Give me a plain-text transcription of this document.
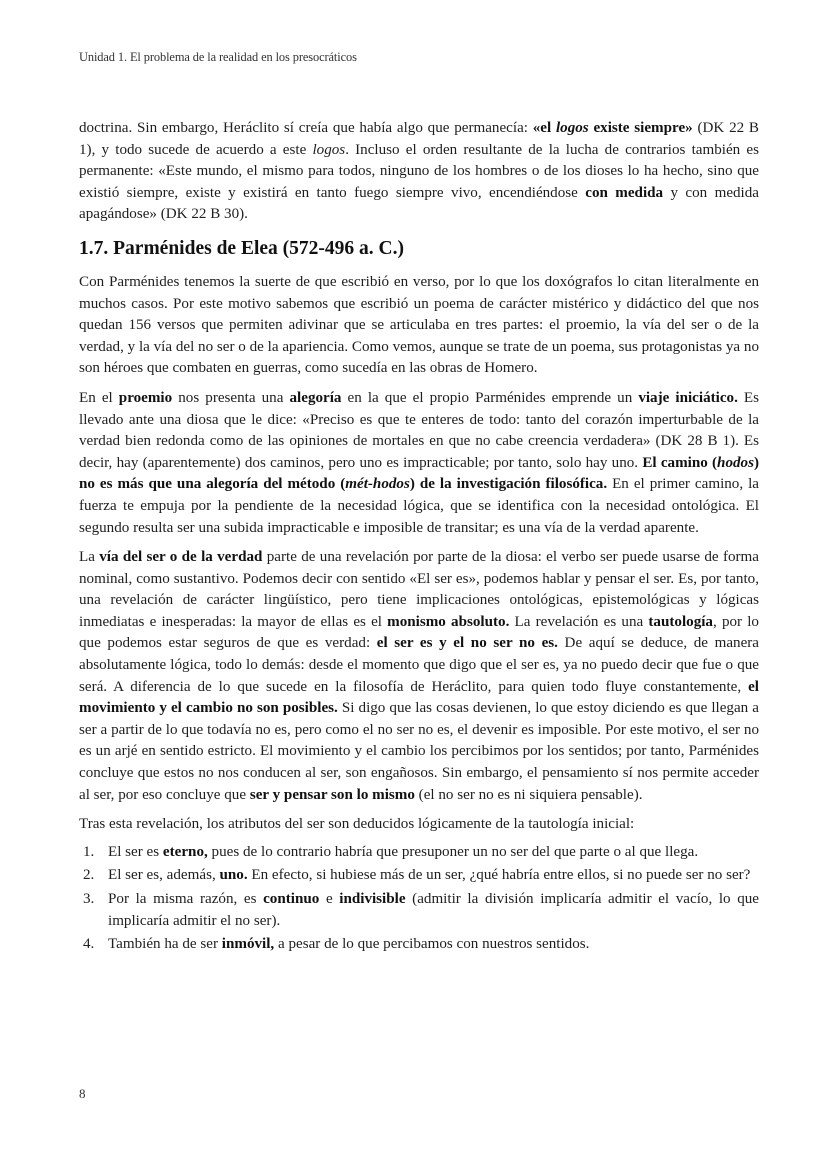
Unidad 1. El problema de la realidad en los presocráticos

doctrina. Sin embargo, Heráclito sí creía que había algo que permanecía: «el logos existe siempre» (DK 22 B 1), y todo sucede de acuerdo a este logos. Incluso el orden resultante de la lucha de contrarios también es permanente: «Este mundo, el mismo para todos, ninguno de los hombres o de los dioses lo ha hecho, sino que existió siempre, existe y existirá en tanto fuego siempre vivo, encendiéndose con medida y con medida apagándose» (DK 22 B 30).

1.7. Parménides de Elea (572-496 a. C.)

Con Parménides tenemos la suerte de que escribió en verso, por lo que los doxógrafos lo citan literalmente en muchos casos. Por este motivo sabemos que escribió un poema de carácter mistérico y didáctico del que nos quedan 156 versos que permiten adivinar que se articulaba en tres partes: el proemio, la vía del ser o de la verdad, y la vía del no ser o de la apariencia. Como vemos, aunque se trate de un poema, sus protagonistas ya no son héroes que combaten en guerras, como sucedía en las obras de Homero.

En el proemio nos presenta una alegoría en la que el propio Parménides emprende un viaje iniciático. Es llevado ante una diosa que le dice: «Preciso es que te enteres de todo: tanto del corazón imperturbable de la verdad bien redonda como de las opiniones de mortales en que no cabe creencia verdadera» (DK 28 B 1). Es decir, hay (aparentemente) dos caminos, pero uno es impracticable; por tanto, solo hay uno. El camino (hodos) no es más que una alegoría del método (mét-hodos) de la investigación filosófica. En el primer camino, la fuerza te empuja por la pendiente de la necesidad lógica, que se identifica con la necesidad ontológica. El segundo resulta ser una subida impracticable e imposible de transitar; es una vía de la verdad aparente.

La vía del ser o de la verdad parte de una revelación por parte de la diosa: el verbo ser puede usarse de forma nominal, como sustantivo. Podemos decir con sentido «El ser es», podemos hablar y pensar el ser. Es, por tanto, una revelación de carácter lingüístico, pero tiene implicaciones ontológicas, epistemológicas y lógicas inmediatas e inesperadas: la mayor de ellas es el monismo absoluto. La revelación es una tautología, por lo que podemos estar seguros de que es verdad: el ser es y el no ser no es. De aquí se deduce, de manera absolutamente lógica, todo lo demás: desde el momento que digo que el ser es, ya no puedo decir que fue o que será. A diferencia de lo que sucede en la filosofía de Heráclito, para quien todo fluye constantemente, el movimiento y el cambio no son posibles. Si digo que las cosas devienen, lo que estoy diciendo es que llegan a ser a partir de lo que todavía no es, pero como el no ser no es, el devenir es imposible. Por este motivo, el ser no es un arjé en sentido estricto. El movimiento y el cambio los percibimos por los sentidos; por tanto, Parménides concluye que estos no nos conducen al ser, son engañosos. Sin embargo, el pensamiento sí nos permite acceder al ser, por eso concluye que ser y pensar son lo mismo (el no ser no es ni siquiera pensable).

Tras esta revelación, los atributos del ser son deducidos lógicamente de la tautología inicial:

1. El ser es eterno, pues de lo contrario habría que presuponer un no ser del que parte o al que llega.
2. El ser es, además, uno. En efecto, si hubiese más de un ser, ¿qué habría entre ellos, si no puede ser no ser?
3. Por la misma razón, es continuo e indivisible (admitir la división implicaría admitir el vacío, lo que implicaría admitir el no ser).
4. También ha de ser inmóvil, a pesar de lo que percibamos con nuestros sentidos.
8
